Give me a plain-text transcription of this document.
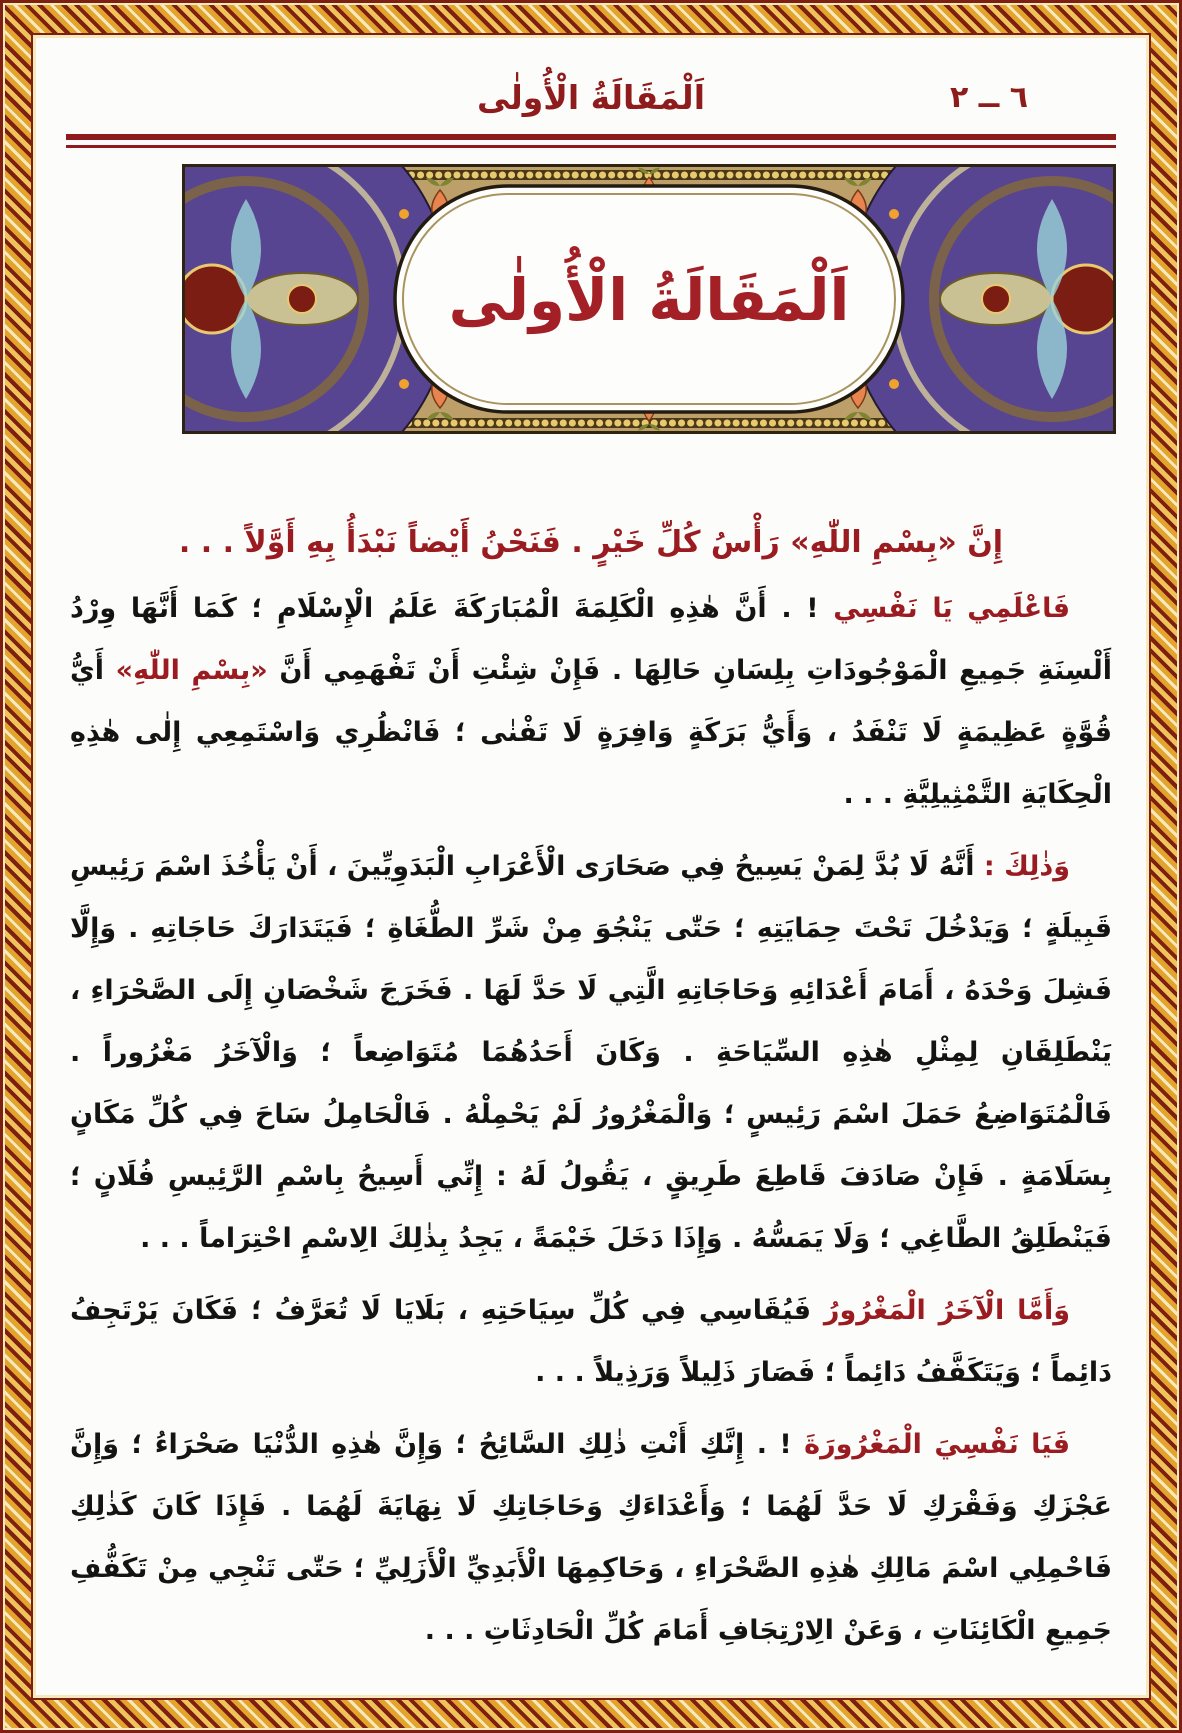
٦ ــ ٢
اَلْمَقَالَةُ الْأُولٰى
اَلْمَقَالَةُ الْأُولٰى

إِنَّ «بِسْمِ اللّٰهِ» رَأْسُ كُلِّ خَيْرٍ . فَنَحْنُ أَيْضاً نَبْدَأُ بِهِ أَوَّلاً . . .

فَاعْلَمِي يَا نَفْسِي ! . أَنَّ هٰذِهِ الْكَلِمَةَ الْمُبَارَكَةَ عَلَمُ الْإِسْلَامِ ؛ كَمَا أَنَّهَا وِرْدُ أَلْسِنَةِ جَمِيعِ الْمَوْجُودَاتِ بِلِسَانِ حَالِهَا . فَإِنْ شِئْتِ أَنْ تَفْهَمِي أَنَّ «بِسْمِ اللّٰهِ» أَيُّ قُوَّةٍ عَظِيمَةٍ لَا تَنْفَدُ ، وَأَيُّ بَرَكَةٍ وَافِرَةٍ لَا تَفْنٰى ؛ فَانْظُرِي وَاسْتَمِعِي إِلٰى هٰذِهِ الْحِكَايَةِ التَّمْثِيلِيَّةِ . . .

وَذٰلِكَ : أَنَّهُ لَا بُدَّ لِمَنْ يَسِيحُ فِي صَحَارَى الْأَعْرَابِ الْبَدَوِيِّينَ ، أَنْ يَأْخُذَ اسْمَ رَئِيسِ قَبِيلَةٍ ؛ وَيَدْخُلَ تَحْتَ حِمَايَتِهِ ؛ حَتّٰى يَنْجُوَ مِنْ شَرِّ الطُّغَاةِ ؛ فَيَتَدَارَكَ حَاجَاتِهِ . وَإِلَّا فَشِلَ وَحْدَهُ ، أَمَامَ أَعْدَائِهِ وَحَاجَاتِهِ الَّتِي لَا حَدَّ لَهَا . فَخَرَجَ شَخْصَانِ إِلَى الصَّحْرَاءِ ، يَنْطَلِقَانِ لِمِثْلِ هٰذِهِ السِّيَاحَةِ . وَكَانَ أَحَدُهُمَا مُتَوَاضِعاً ؛ وَالْآخَرُ مَغْرُوراً . فَالْمُتَوَاضِعُ حَمَلَ اسْمَ رَئِيسٍ ؛ وَالْمَغْرُورُ لَمْ يَحْمِلْهُ . فَالْحَامِلُ سَاحَ فِي كُلِّ مَكَانٍ بِسَلَامَةٍ . فَإِنْ صَادَفَ قَاطِعَ طَرِيقٍ ، يَقُولُ لَهُ : إِنِّي أَسِيحُ بِاسْمِ الرَّئِيسِ فُلَانٍ ؛ فَيَنْطَلِقُ الطَّاغِي ؛ وَلَا يَمَسُّهُ . وَإِذَا دَخَلَ خَيْمَةً ، يَجِدُ بِذٰلِكَ الِاسْمِ احْتِرَاماً . . .

وَأَمَّا الْآخَرُ الْمَغْرُورُ فَيُقَاسِي فِي كُلِّ سِيَاحَتِهِ ، بَلَايَا لَا تُعَرَّفُ ؛ فَكَانَ يَرْتَجِفُ دَائِماً ؛ وَيَتَكَفَّفُ دَائِماً ؛ فَصَارَ ذَلِيلاً وَرَذِيلاً . . .

فَيَا نَفْسِيَ الْمَغْرُورَةَ ! . إِنَّكِ أَنْتِ ذٰلِكِ السَّائِحُ ؛ وَإِنَّ هٰذِهِ الدُّنْيَا صَحْرَاءُ ؛ وَإِنَّ عَجْزَكِ وَفَقْرَكِ لَا حَدَّ لَهُمَا ؛ وَأَعْدَاءَكِ وَحَاجَاتِكِ لَا نِهَايَةَ لَهُمَا . فَإِذَا كَانَ كَذٰلِكِ فَاحْمِلِي اسْمَ مَالِكِ هٰذِهِ الصَّحْرَاءِ ، وَحَاكِمِهَا الْأَبَدِيِّ الْأَزَلِيِّ ؛ حَتّٰى تَنْجِي مِنْ تَكَفُّفِ جَمِيعِ الْكَائِنَاتِ ، وَعَنْ الِارْتِجَافِ أَمَامَ كُلِّ الْحَادِثَاتِ . . .
